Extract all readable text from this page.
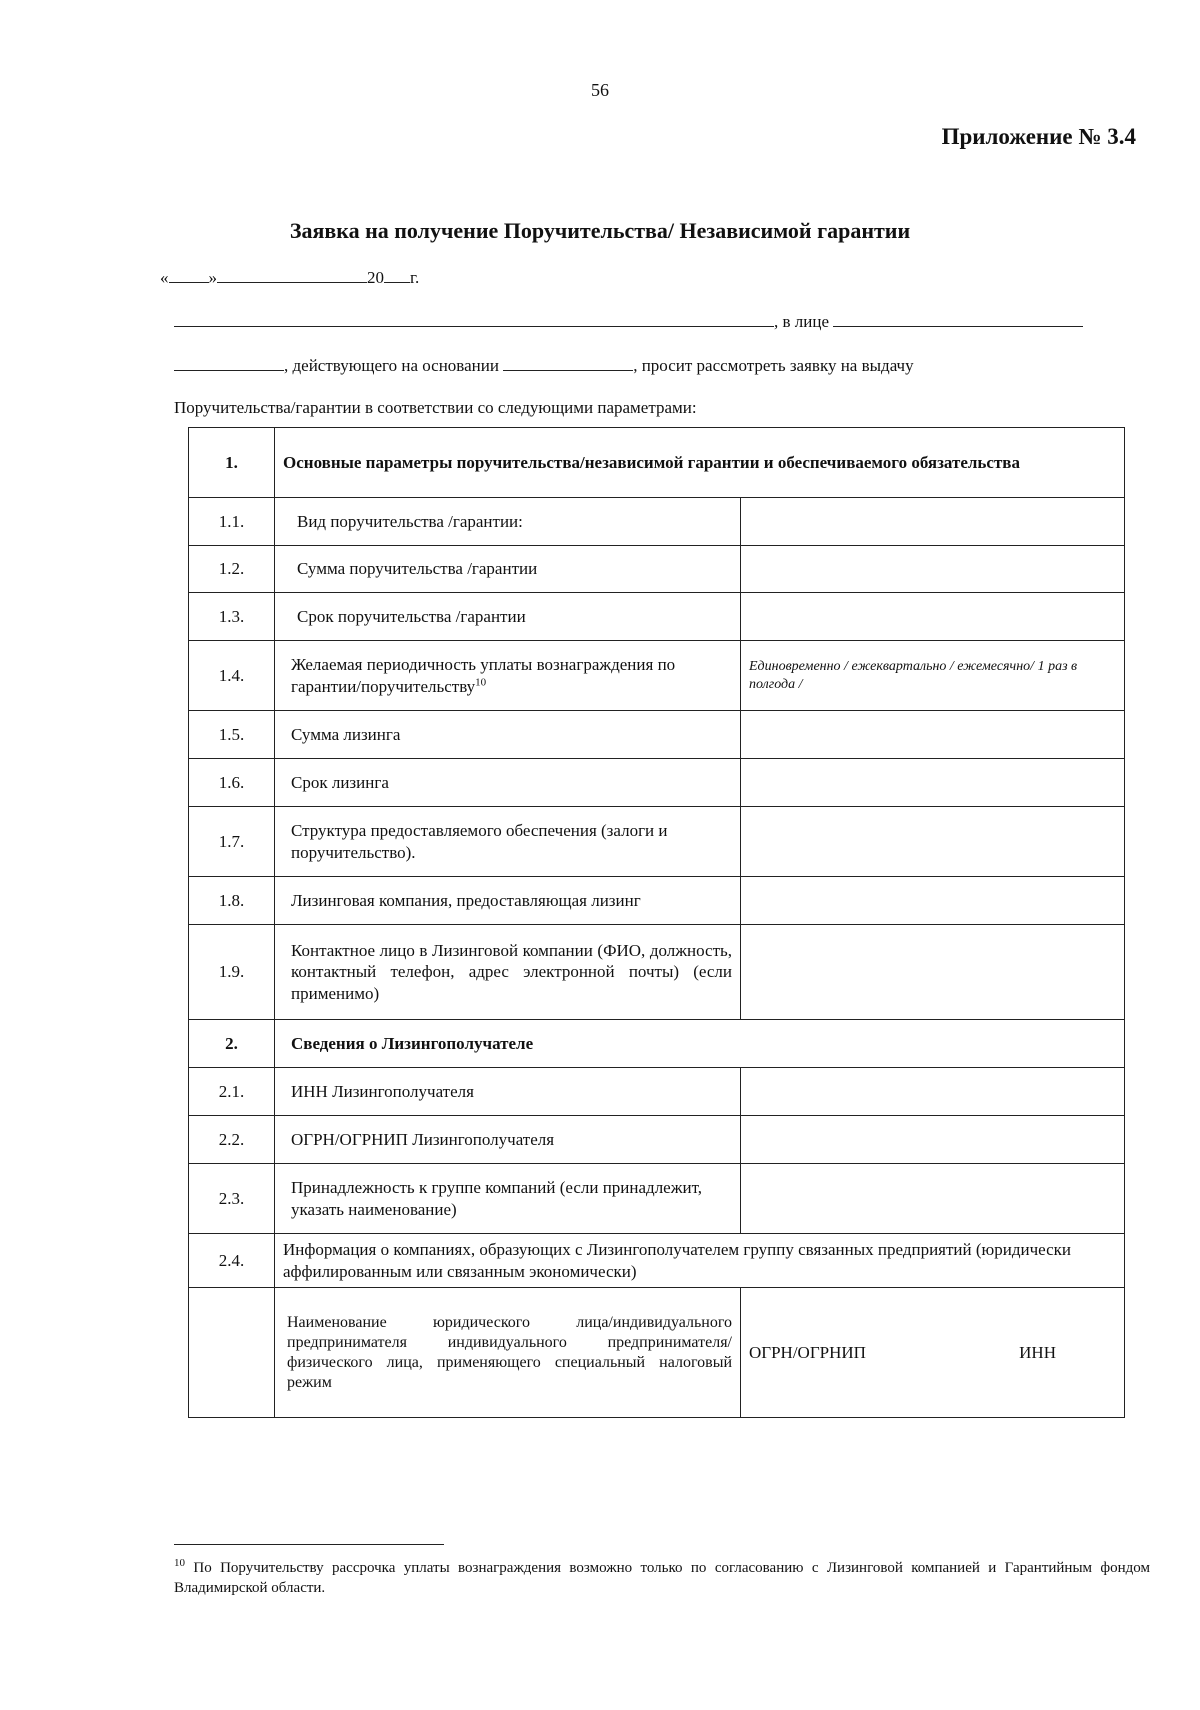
56
Приложение № 3.4
Заявка на получение Поручительства/ Независимой гарантии
« »	20 г.
, в лице
, действующего на основании	, просит рассмотреть заявку на выдачу
Поручительства/гарантии в соответствии со следующими параметрами:
1.	Основные параметры поручительства/независимой гарантии и обеспечиваемого обязательства	
1.1.	Вид поручительства /гарантии:	
1.2.	Сумма поручительства /гарантии	
1.3.	Срок поручительства /гарантии	
1.4.	Желаемая периодичность уплаты вознаграждения по гарантии/поручительству$^{10}$	Единовременно / ежеквартально / ежемесячно/ 1 раз в полгода /
1.5.	Сумма лизинга	
1.6.	Срок лизинга	
1.7.	Структура предоставляемого обеспечения (залоги и поручительство).	
1.8.	Лизинговая компания, предоставляющая лизинг	
1.9.	Контактное лицо в Лизинговой компании (ФИО, должность, контактный телефон, адрес электронной почты) (если применимо)	
2.	Сведения о Лизингополучателе	
2.1.	ИНН Лизингополучателя	
2.2.	ОГРН/ОГРНИП Лизингополучателя	
2.3.	Принадлежность к группе компаний (если принадлежит, указать наименование)	
2.4.	Информация о компаниях, образующих с Лизингополучателем группу связанных предприятий (юридически аффилированным или связанным экономически)	
	Наименование юридического лица/индивидуального предпринимателя индивидуального предпринимателя/физического лица, применяющего специальный налоговый режим	ОГРН/ОГРНИП ИНН
$^{10}$ По Поручительству рассрочка уплаты вознаграждения возможно только по согласованию с Лизинговой компанией и Гарантийным фондом Владимирской области.
